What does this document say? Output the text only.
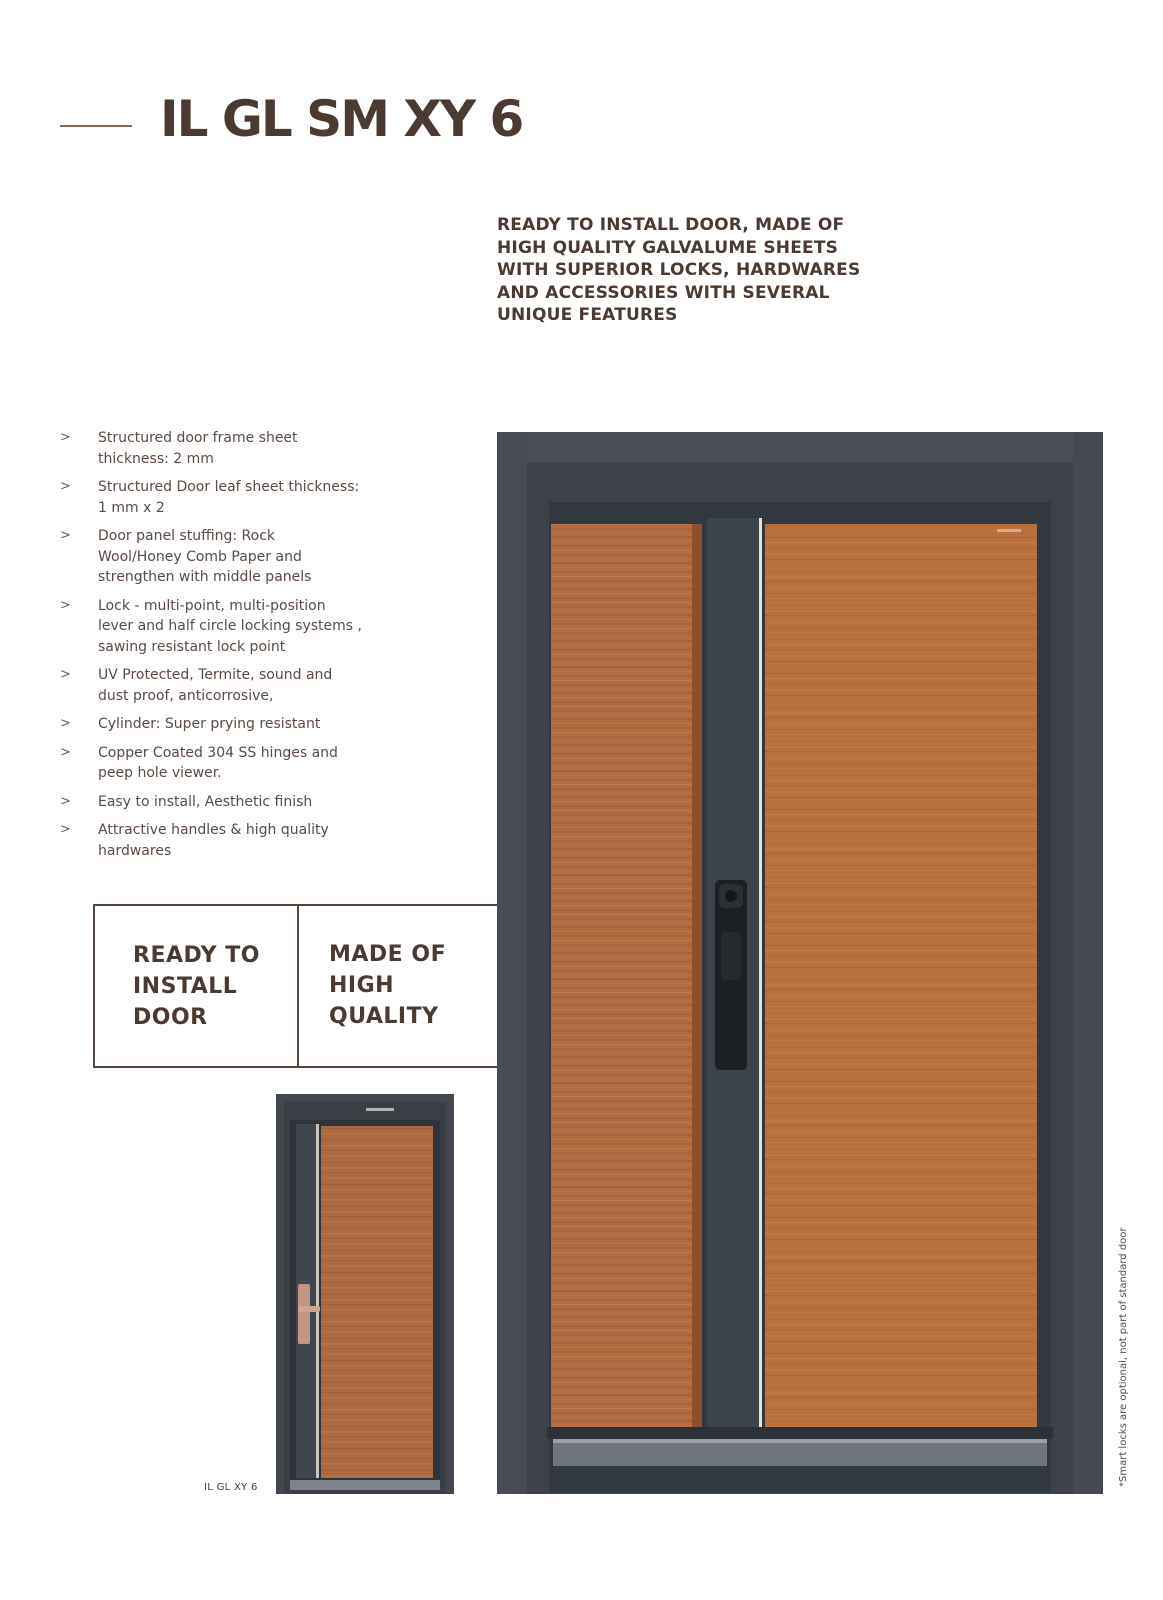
IL GL SM XY 6

READY TO INSTALL DOOR, MADE OF
HIGH QUALITY GALVALUME SHEETS
WITH SUPERIOR LOCKS, HARDWARES
AND ACCESSORIES WITH SEVERAL
UNIQUE FEATURES

> Structured door frame sheet thickness: 2 mm
> Structured Door leaf sheet thickness: 1 mm x 2
> Door panel stuffing: Rock Wool/Honey Comb Paper and strengthen with middle panels
> Lock - multi-point, multi-position lever and half circle locking systems , sawing resistant lock point
> UV Protected, Termite, sound and dust proof, anticorrosive,
> Cylinder: Super prying resistant
> Copper Coated 304 SS hinges and peep hole viewer.
> Easy to install, Aesthetic finish
> Attractive handles & high quality hardwares
READY TO
INSTALL
DOOR
MADE OF
HIGH
QUALITY
IL GL XY 6
*Smart locks are optional, not part of standard door
